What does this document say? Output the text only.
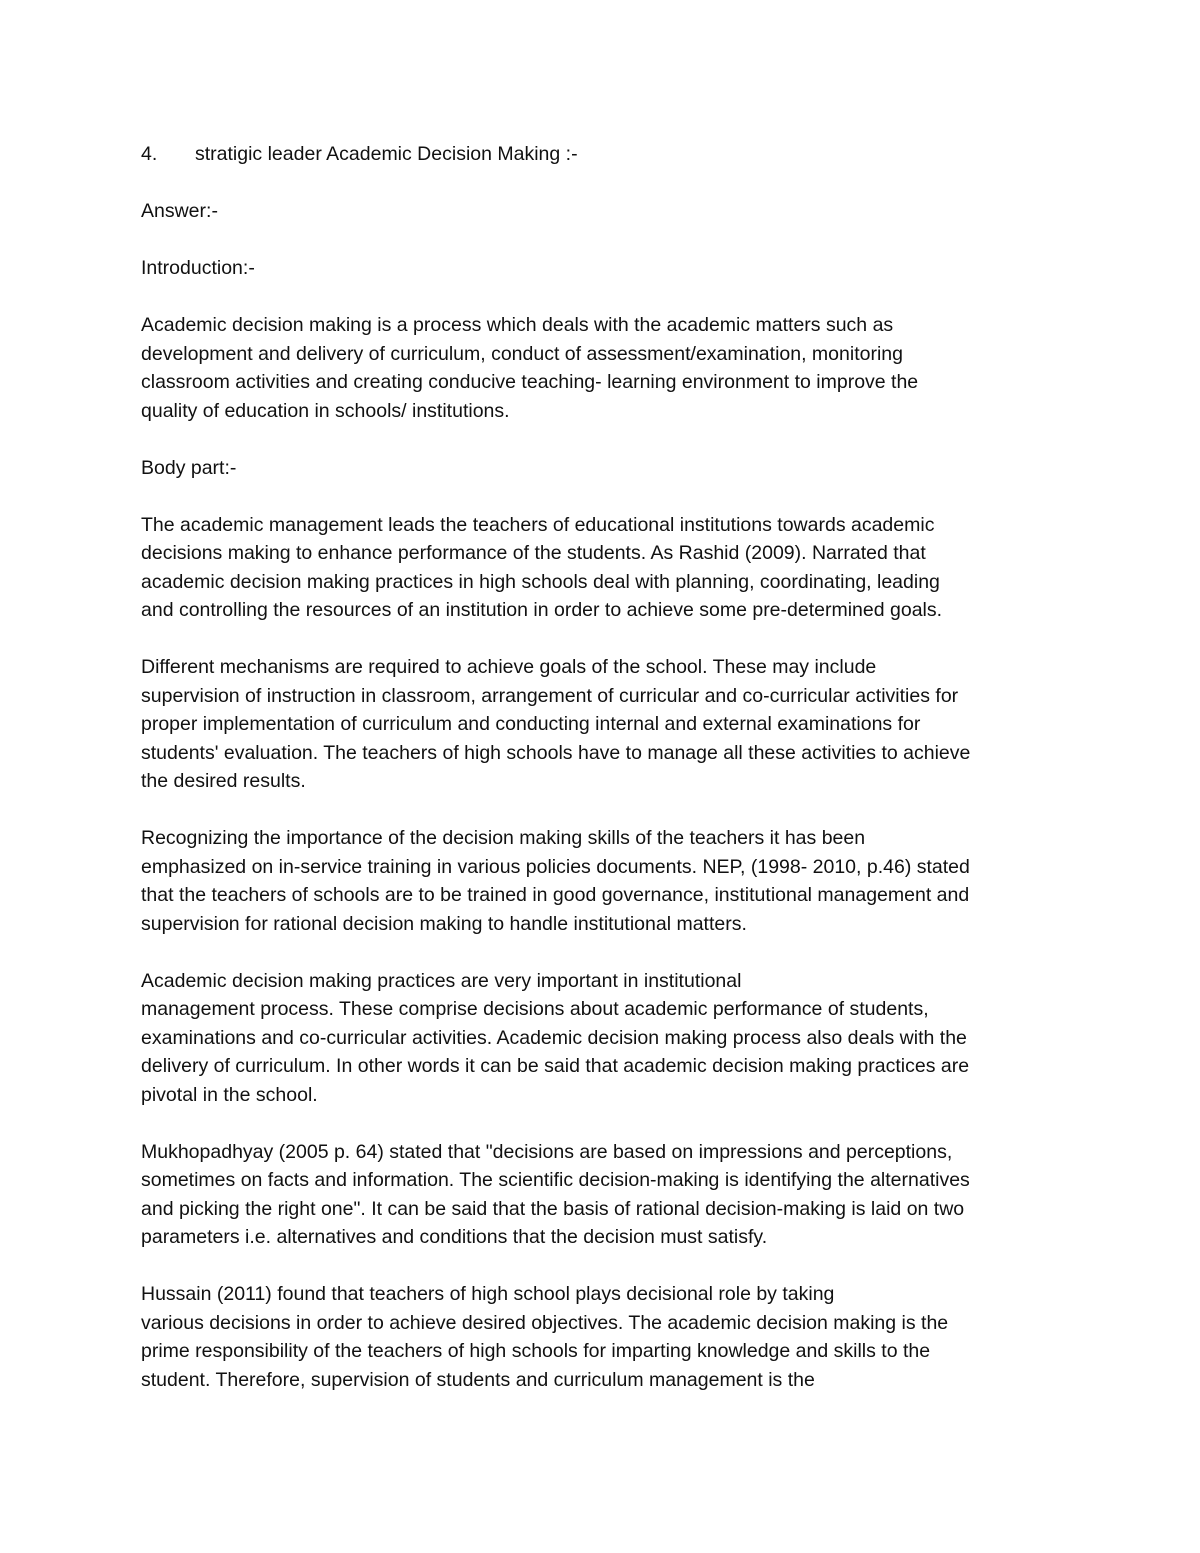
4.	stratigic leader Academic Decision Making :-
Answer:-
Introduction:-
Academic decision making is a process which deals with the academic matters such as
development and delivery of curriculum, conduct of assessment/examination, monitoring
classroom activities and creating conducive teaching- learning environment to improve the
quality of education in schools/ institutions.
Body part:-
The academic management leads the teachers of educational institutions towards academic
decisions making to enhance performance of the students. As Rashid (2009). Narrated that
academic decision making practices in high schools deal with planning, coordinating, leading
and controlling the resources of an institution in order to achieve some pre-determined goals.
Different mechanisms are required to achieve goals of the school. These may include
supervision of instruction in classroom, arrangement of curricular and co-curricular activities for
proper implementation of curriculum and conducting internal and external examinations for
students' evaluation. The teachers of high schools have to manage all these activities to achieve
the desired results.
Recognizing the importance of the decision making skills of the teachers it has been
emphasized on in-service training in various policies documents. NEP, (1998- 2010, p.46) stated
that the teachers of schools are to be trained in good governance, institutional management and
supervision for rational decision making to handle institutional matters.
Academic decision making practices are very important in institutional
management process. These comprise decisions about academic performance of students,
examinations and co-curricular activities. Academic decision making process also deals with the
delivery of curriculum. In other words it can be said that academic decision making practices are
pivotal in the school.
Mukhopadhyay (2005 p. 64) stated that "decisions are based on impressions and perceptions,
sometimes on facts and information. The scientific decision-making is identifying the alternatives
and picking the right one". It can be said that the basis of rational decision-making is laid on two
parameters i.e. alternatives and conditions that the decision must satisfy.
Hussain (2011) found that teachers of high school plays decisional role by taking
various decisions in order to achieve desired objectives. The academic decision making is the
prime responsibility of the teachers of high schools for imparting knowledge and skills to the
student. Therefore, supervision of students and curriculum management is the
